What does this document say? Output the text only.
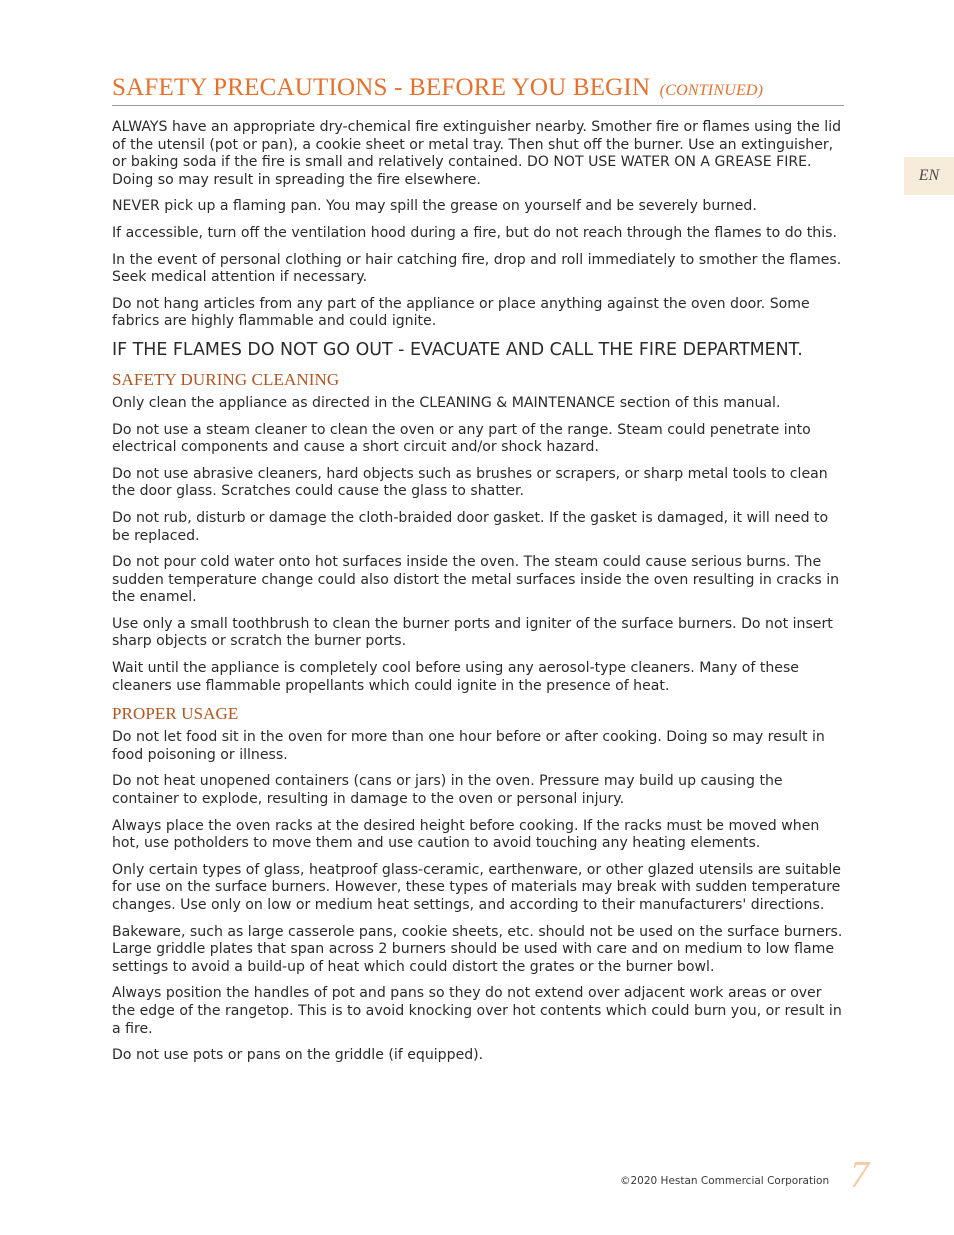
SAFETY PRECAUTIONS - BEFORE YOU BEGIN (CONTINUED)
EN

ALWAYS have an appropriate dry-chemical fire extinguisher nearby. Smother fire or flames using the lid of the utensil (pot or pan), a cookie sheet or metal tray. Then shut off the burner. Use an extinguisher, or baking soda if the fire is small and relatively contained. DO NOT USE WATER ON A GREASE FIRE. Doing so may result in spreading the fire elsewhere.

NEVER pick up a flaming pan. You may spill the grease on yourself and be severely burned.

If accessible, turn off the ventilation hood during a fire, but do not reach through the flames to do this.

In the event of personal clothing or hair catching fire, drop and roll immediately to smother the flames. Seek medical attention if necessary.

Do not hang articles from any part of the appliance or place anything against the oven door. Some fabrics are highly flammable and could ignite.

IF THE FLAMES DO NOT GO OUT - EVACUATE AND CALL THE FIRE DEPARTMENT.
SAFETY DURING CLEANING

Only clean the appliance as directed in the CLEANING & MAINTENANCE section of this manual.

Do not use a steam cleaner to clean the oven or any part of the range. Steam could penetrate into electrical components and cause a short circuit and/or shock hazard.

Do not use abrasive cleaners, hard objects such as brushes or scrapers, or sharp metal tools to clean the door glass. Scratches could cause the glass to shatter.

Do not rub, disturb or damage the cloth-braided door gasket. If the gasket is damaged, it will need to be replaced.

Do not pour cold water onto hot surfaces inside the oven. The steam could cause serious burns. The sudden temperature change could also distort the metal surfaces inside the oven resulting in cracks in the enamel.

Use only a small toothbrush to clean the burner ports and igniter of the surface burners. Do not insert sharp objects or scratch the burner ports.

Wait until the appliance is completely cool before using any aerosol-type cleaners. Many of these cleaners use flammable propellants which could ignite in the presence of heat.

PROPER USAGE

Do not let food sit in the oven for more than one hour before or after cooking. Doing so may result in food poisoning or illness.

Do not heat unopened containers (cans or jars) in the oven. Pressure may build up causing the container to explode, resulting in damage to the oven or personal injury.

Always place the oven racks at the desired height before cooking. If the racks must be moved when hot, use potholders to move them and use caution to avoid touching any heating elements.

Only certain types of glass, heatproof glass-ceramic, earthenware, or other glazed utensils are suitable for use on the surface burners. However, these types of materials may break with sudden temperature changes. Use only on low or medium heat settings, and according to their manufacturers' directions.

Bakeware, such as large casserole pans, cookie sheets, etc. should not be used on the surface burners. Large griddle plates that span across 2 burners should be used with care and on medium to low flame settings to avoid a build-up of heat which could distort the grates or the burner bowl.

Always position the handles of pot and pans so they do not extend over adjacent work areas or over the edge of the rangetop. This is to avoid knocking over hot contents which could burn you, or result in a fire.

Do not use pots or pans on the griddle (if equipped).

©2020 Hestan Commercial Corporation 7
